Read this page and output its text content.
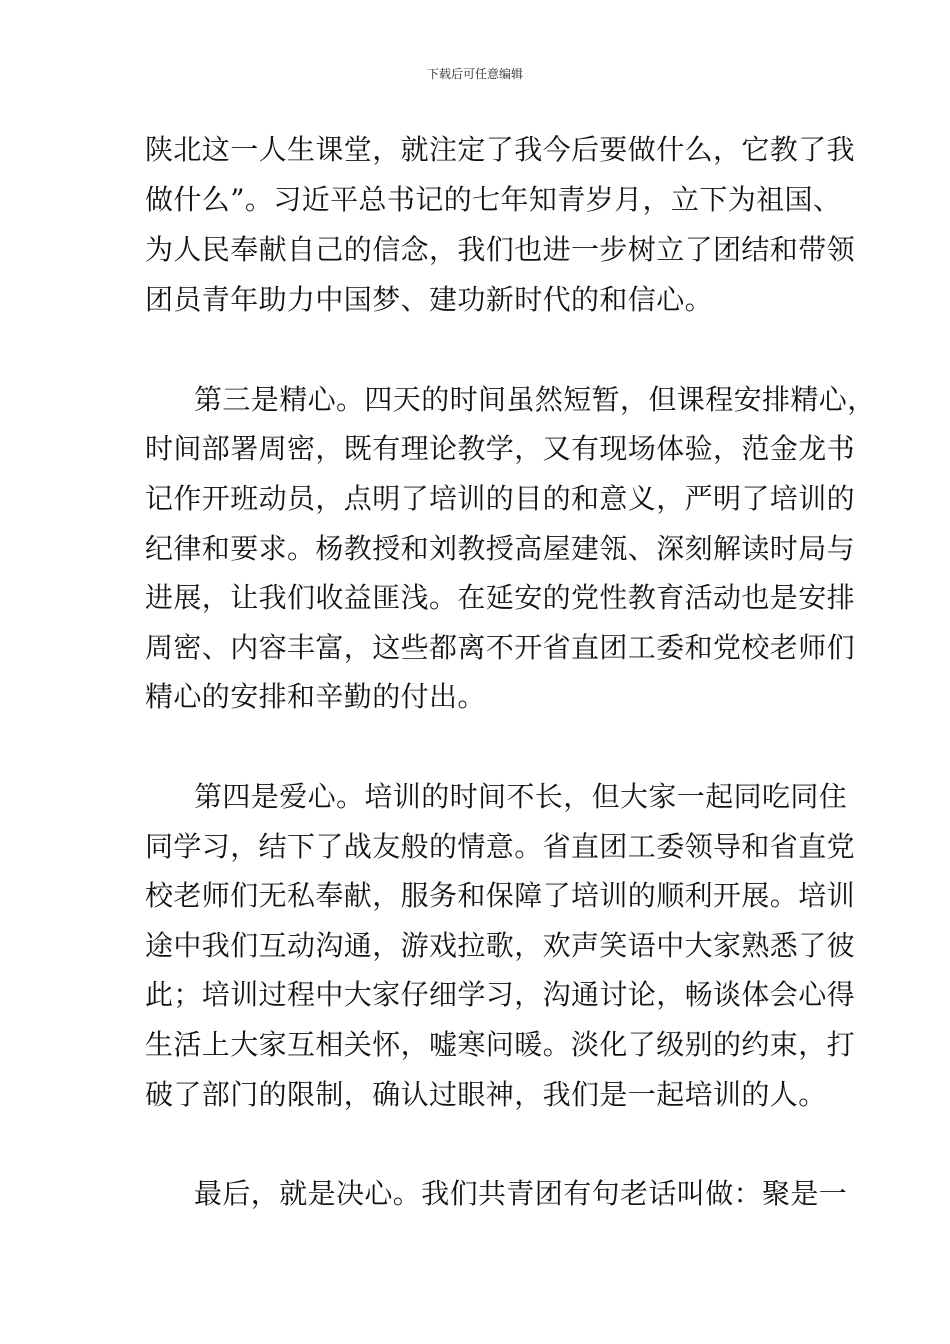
下载后可任意编辑
陕北这一人生课堂，就注定了我今后要做什么，它教了我
做什么”。习近平总书记的七年知青岁月，立下为祖国、
为人民奉献自己的信念，我们也进一步树立了团结和带领
团员青年助力中国梦、建功新时代的和信心。
第三是精心。四天的时间虽然短暂，但课程安排精心，
时间部署周密，既有理论教学，又有现场体验，范金龙书
记作开班动员，点明了培训的目的和意义，严明了培训的
纪律和要求。杨教授和刘教授高屋建瓴、深刻解读时局与
进展，让我们收益匪浅。在延安的党性教育活动也是安排
周密、内容丰富，这些都离不开省直团工委和党校老师们
精心的安排和辛勤的付出。
第四是爱心。培训的时间不长，但大家一起同吃同住
同学习，结下了战友般的情意。省直团工委领导和省直党
校老师们无私奉献，服务和保障了培训的顺利开展。培训
途中我们互动沟通，游戏拉歌，欢声笑语中大家熟悉了彼
此；培训过程中大家仔细学习，沟通讨论，畅谈体会心得
生活上大家互相关怀，嘘寒问暖。淡化了级别的约束，打
破了部门的限制，确认过眼神，我们是一起培训的人。
最后，就是决心。我们共青团有句老话叫做：聚是一
